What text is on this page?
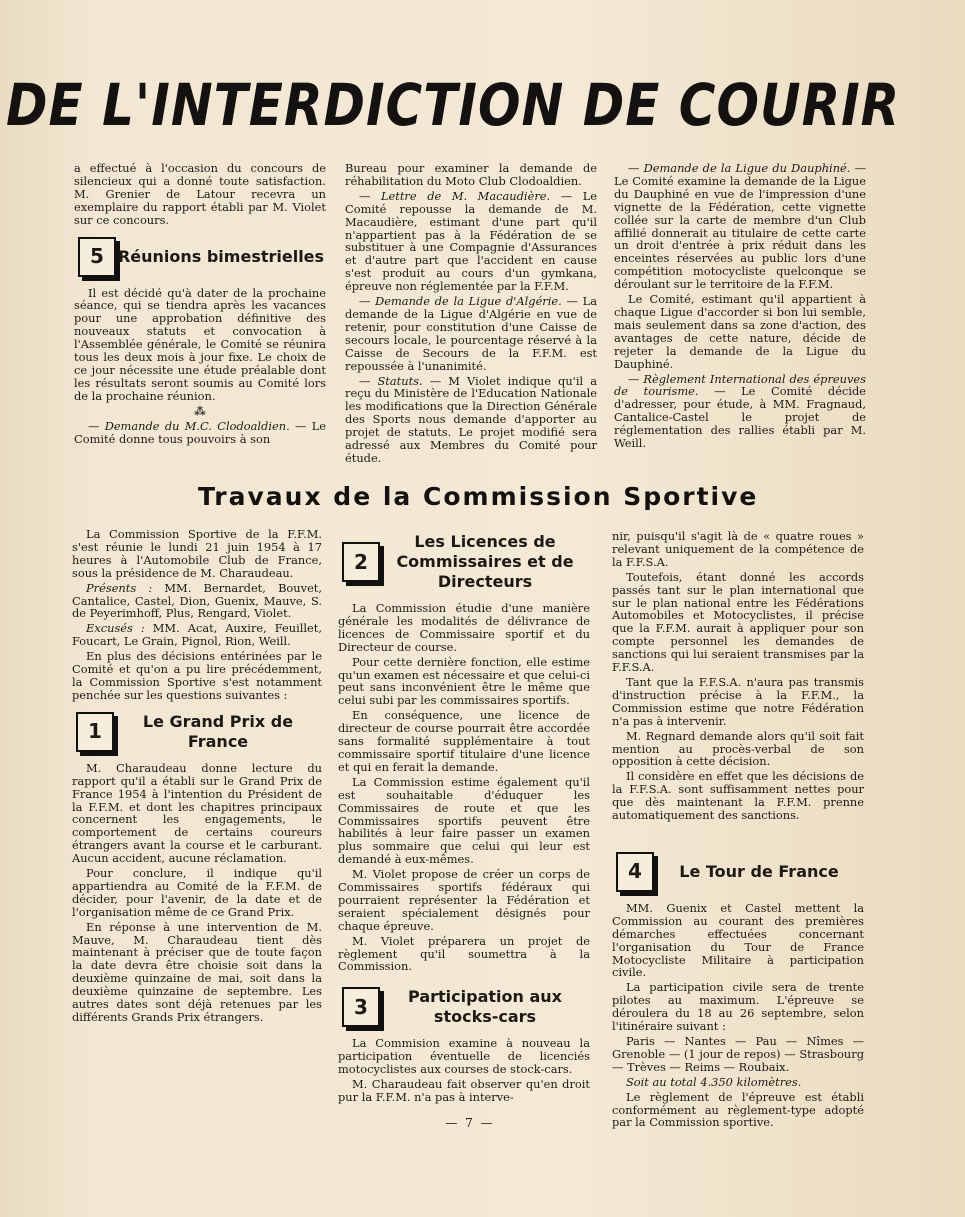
DE L'INTERDICTION DE COURIR

a effectué à l'occasion du concours de silencieux qui a donné toute satisfaction. M. Grenier de Latour recevra un exemplaire du rapport établi par M. Violet sur ce concours.

5 Réunions bimestrielles

Il est décidé qu'à dater de la prochaine séance, qui se tiendra après les vacances pour une approbation définitive des nouveaux statuts et convocation à l'Assemblée générale, le Comité se réunira tous les deux mois à jour fixe. Le choix de ce jour nécessite une étude préalable dont les résultats seront soumis au Comité lors de la prochaine réunion.

⁂

— Demande du M.C. Clodoaldien. — Le Comité donne tous pouvoirs à son

Bureau pour examiner la demande de réhabilitation du Moto Club Clodoaldien.

— Lettre de M. Macaudière. — Le Comité repousse la demande de M. Macaudière, estimant d'une part qu'il n'appartient pas à la Fédération de se substituer à une Compagnie d'Assurances et d'autre part que l'accident en cause s'est produit au cours d'un gymkana, épreuve non réglementée par la F.F.M.

— Demande de la Ligue d'Algérie. — La demande de la Ligue d'Algérie en vue de retenir, pour constitution d'une Caisse de secours locale, le pourcentage réservé à la Caisse de Secours de la F.F.M. est repoussée à l'unanimité.

— Statuts. — M Violet indique qu'il a reçu du Ministère de l'Education Nationale les modifications que la Direction Générale des Sports nous demande d'apporter au projet de statuts. Le projet modifié sera adressé aux Membres du Comité pour étude.

— Demande de la Ligue du Dauphiné. — Le Comité examine la demande de la Ligue du Dauphiné en vue de l'impression d'une vignette de la Fédération, cette vignette collée sur la carte de membre d'un Club affilié donnerait au titulaire de cette carte un droit d'entrée à prix réduit dans les enceintes réservées au public lors d'une compétition motocycliste quelconque se déroulant sur le territoire de la F.F.M.

Le Comité, estimant qu'il appartient à chaque Ligue d'accorder si bon lui semble, mais seulement dans sa zone d'action, des avantages de cette nature, décide de rejeter la demande de la Ligue du Dauphiné.

— Règlement International des épreuves de tourisme. — Le Comité décide d'adresser, pour étude, à MM. Fragnaud, Cantalice-Castel le projet de réglementation des rallies établi par M. Weill.

Travaux de la Commission Sportive

La Commission Sportive de la F.F.M. s'est réunie le lundi 21 juin 1954 à 17 heures à l'Automobile Club de France, sous la présidence de M. Charaudeau.

Présents : MM. Bernardet, Bouvet, Cantalice, Castel, Dion, Guenix, Mauve, S. de Peyerimhoff, Plus, Rengard, Violet.

Excusés : MM. Acat, Auxire, Feuillet, Foucart, Le Grain, Pignol, Rion, Weill.

En plus des décisions entérinées par le Comité et qu'on a pu lire précédemment, la Commission Sportive s'est notamment penchée sur les questions suivantes :

1	Le Grand Prix de France

M. Charaudeau donne lecture du rapport qu'il a établi sur le Grand Prix de France 1954 à l'intention du Président de la F.F.M. et dont les chapitres principaux concernent les engagements, le comportement de certains coureurs étrangers avant la course et le carburant. Aucun accident, aucune réclamation.

Pour conclure, il indique qu'il appartiendra au Comité de la F.F.M. de décider, pour l'avenir, de la date et de l'organisation même de ce Grand Prix.

En réponse à une intervention de M. Mauve, M. Charaudeau tient dès maintenant à préciser que de toute façon la date devra être choisie soit dans la deuxième quinzaine de mai, soit dans la deuxième quinzaine de septembre. Les autres dates sont déjà retenues par les différents Grands Prix étrangers.

2
Les Licences de Commissaires et de Directeurs

La Commission étudie d'une manière générale les modalités de délivrance de licences de Commissaire sportif et du Directeur de course.

Pour cette dernière fonction, elle estime qu'un examen est nécessaire et que celui-ci peut sans inconvénient être le même que celui subi par les commissaires sportifs.

En conséquence, une licence de directeur de course pourrait être accordée sans formalité supplémentaire à tout commissaire sportif titulaire d'une licence et qui en ferait la demande.

La Commission estime également qu'il est souhaitable d'éduquer les Commissaires de route et que les Commissaires sportifs peuvent être habilités à leur faire passer un examen plus sommaire que celui qui leur est demandé à eux-mêmes.

M. Violet propose de créer un corps de Commissaires sportifs fédéraux qui pourraient représenter la Fédération et seraient spécialement désignés pour chaque épreuve.

M. Violet préparera un projet de règlement qu'il soumettra à la Commission.

3	Participation aux stocks-cars

La Commision examine à nouveau la participation éventuelle de licenciés motocyclistes aux courses de stock-cars.

M. Charaudeau fait observer qu'en droit pur la F.F.M. n'a pas à interve-

nir, puisqu'il s'agit là de « quatre roues » relevant uniquement de la compétence de la F.F.S.A.

Toutefois, étant donné les accords passés tant sur le plan international que sur le plan national entre les Fédérations Automobiles et Motocyclistes, il précise que la F.F.M. aurait à appliquer pour son compte personnel les demandes de sanctions qui lui seraient transmises par la F.F.S.A.

Tant que la F.F.S.A. n'aura pas transmis d'instruction précise à la F.F.M., la Commission estime que notre Fédération n'a pas à intervenir.

M. Regnard demande alors qu'il soit fait mention au procès-verbal de son opposition à cette décision.

Il considère en effet que les décisions de la F.F.S.A. sont suffisamment nettes pour que dès maintenant la F.F.M. prenne automatiquement des sanctions.

4	Le Tour de France

MM. Guenix et Castel mettent la Commission au courant des premières démarches effectuées concernant l'organisation du Tour de France Motocycliste Militaire à participation civile.

La participation civile sera de trente pilotes au maximum. L'épreuve se déroulera du 18 au 26 septembre, selon l'itinéraire suivant :

Paris — Nantes — Pau — Nîmes — Grenoble — (1 jour de repos) — Strasbourg — Trèves — Reims — Roubaix.

Soit au total 4.350 kilomètres.

Le règlement de l'épreuve est établi conformément au règlement-type adopté par la Commission sportive.

— 7 —
